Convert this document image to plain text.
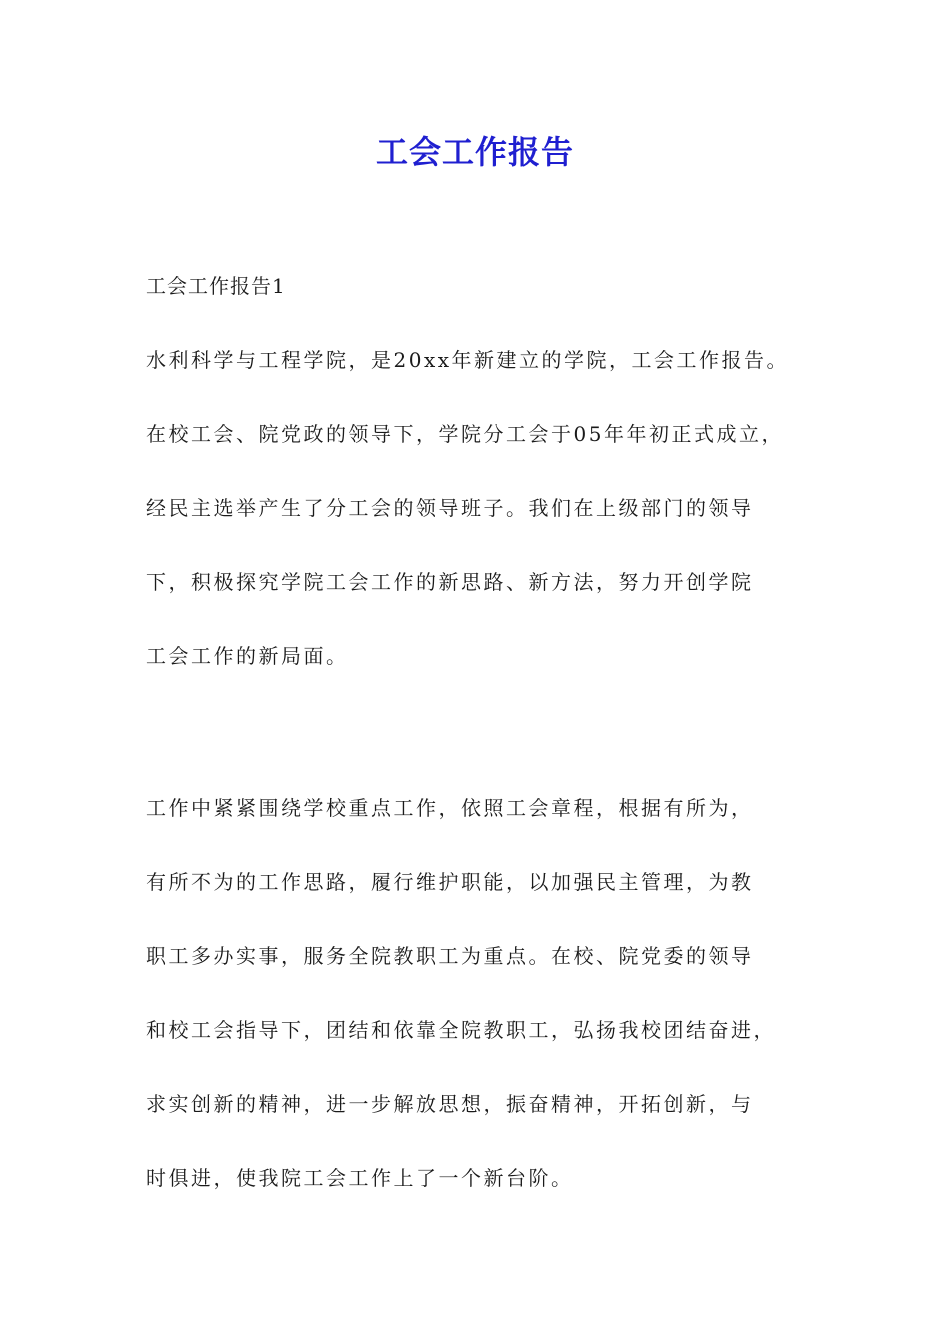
工会工作报告
工会工作报告1
水利科学与工程学院，是20xx年新建立的学院，工会工作报告。
在校工会、院党政的领导下，学院分工会于05年年初正式成立，
经民主选举产生了分工会的领导班子。我们在上级部门的领导
下，积极探究学院工会工作的新思路、新方法，努力开创学院
工会工作的新局面。
工作中紧紧围绕学校重点工作，依照工会章程，根据有所为，
有所不为的工作思路，履行维护职能，以加强民主管理，为教
职工多办实事，服务全院教职工为重点。在校、院党委的领导
和校工会指导下，团结和依靠全院教职工，弘扬我校团结奋进，
求实创新的精神，进一步解放思想，振奋精神，开拓创新，与
时俱进，使我院工会工作上了一个新台阶。
